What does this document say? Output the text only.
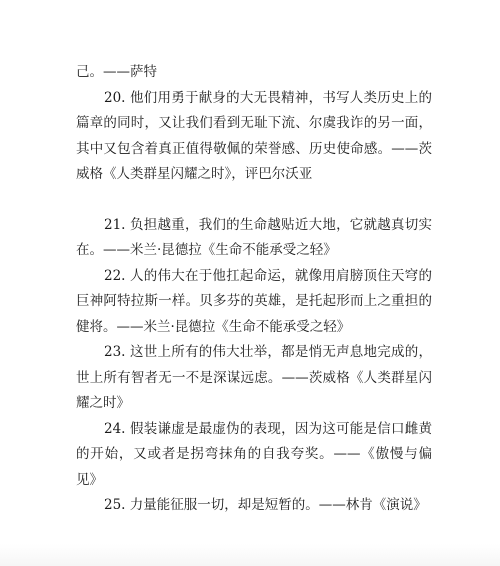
己。——萨特

20. 他们用勇于献身的大无畏精神，书写人类历史上的篇章的同时，又让我们看到无耻下流、尔虞我诈的另一面，其中又包含着真正值得敬佩的荣誉感、历史使命感。——茨威格《人类群星闪耀之时》，评巴尔沃亚

21. 负担越重，我们的生命越贴近大地，它就越真切实在。——米兰·昆德拉《生命不能承受之轻》

22. 人的伟大在于他扛起命运，就像用肩膀顶住天穹的巨神阿特拉斯一样。贝多芬的英雄，是托起形而上之重担的健将。——米兰·昆德拉《生命不能承受之轻》

23. 这世上所有的伟大壮举，都是悄无声息地完成的，世上所有智者无一不是深谋远虑。——茨威格《人类群星闪耀之时》

24. 假装谦虚是最虚伪的表现，因为这可能是信口雌黄的开始，又或者是拐弯抹角的自我夸奖。——《傲慢与偏见》

25. 力量能征服一切，却是短暂的。——林肯《演说》
